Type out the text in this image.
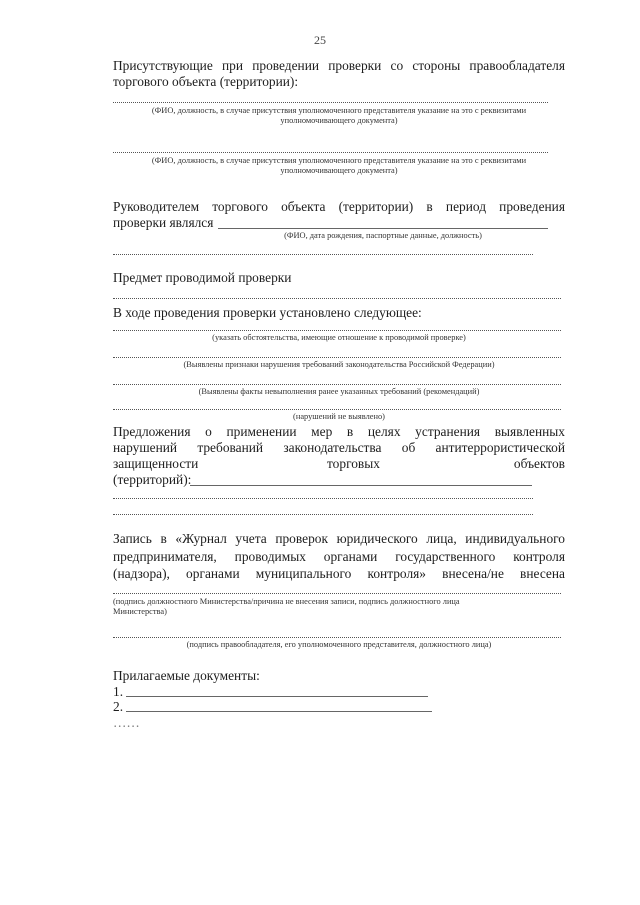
25
Присутствующие при проведении проверки со стороны правообладателя
торгового объекта (территории):
(ФИО, должность, в случае присутствия уполномоченного представителя указание на это с реквизитами
уполномочивающего документа)
(ФИО, должность, в случае присутствия уполномоченного представителя указание на это с реквизитами
уполномочивающего документа)
Руководителем торгового объекта (территории) в период проведения
проверки являлся
(ФИО, дата рождения, паспортные данные, должность)
Предмет проводимой проверки
В ходе проведения проверки установлено следующее:
(указать обстоятельства, имеющие отношение к проводимой проверке)
(Выявлены признаки нарушения требований законодательства Российской Федерации)
(Выявлены факты невыполнения ранее указанных требований (рекомендаций)
(нарушений не выявлено)
Предложения о применении мер в целях устранения выявленных
нарушений требований законодательства об антитеррористической
защищенности	торговых	объектов
(территорий):
Запись в «Журнал учета проверок юридического лица, индивидуального
предпринимателя, проводимых органами государственного контроля
(надзора), органами муниципального контроля» внесена/не внесена
(подпись должностного Министерства/причина не внесения записи, подпись должностного лица
Министерства)
(подпись правообладателя, его уполномоченного представителя, должностного лица)
Прилагаемые документы:
1.
2.
……
